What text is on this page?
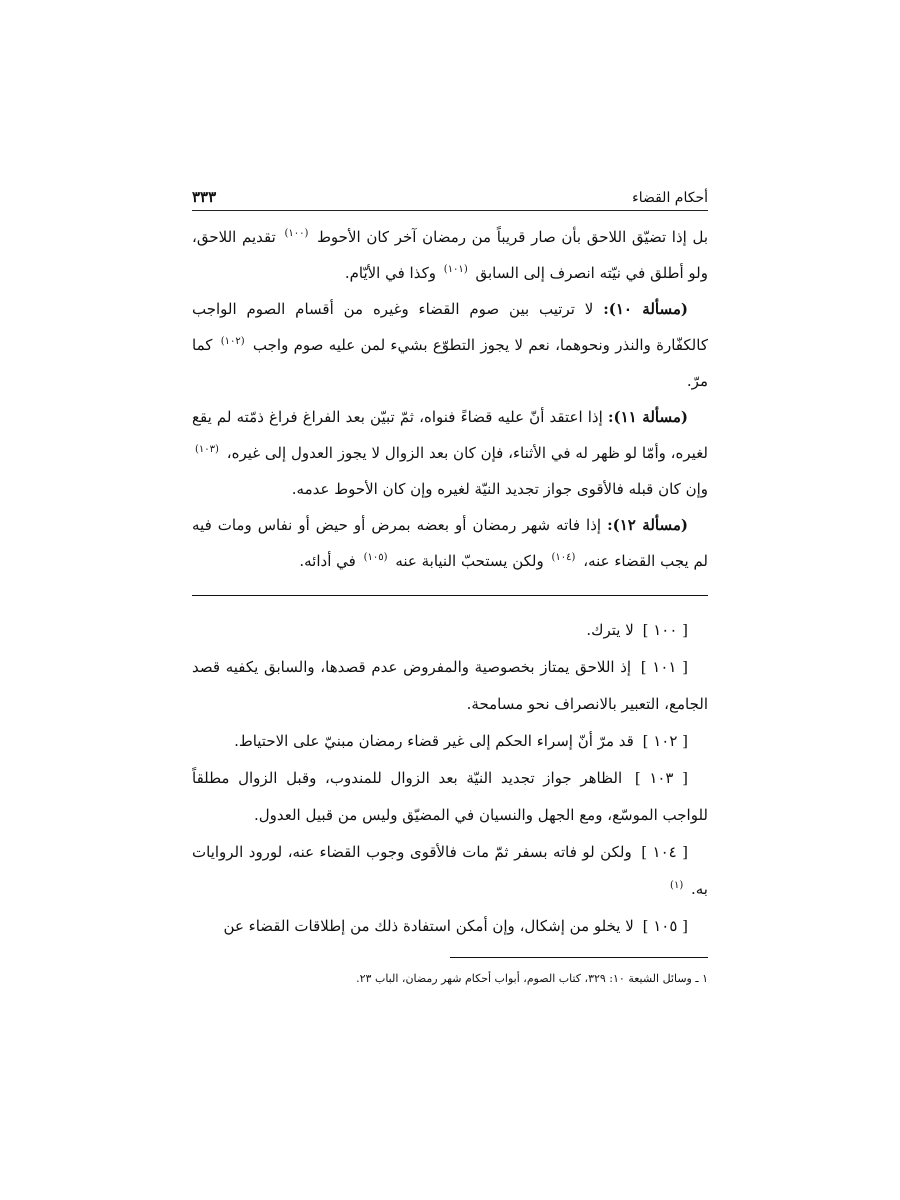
أحكام القضاء
٣٣٣

بل إذا تضيّق اللاحق بأن صار قريباً من رمضان آخر كان الأحوط $^{(١٠٠)}$ تقديم اللاحق، ولو أطلق في نيّته انصرف إلى السابق $^{(١٠١)}$ وكذا في الأيّام.

(مسألة ١٠): لا ترتيب بين صوم القضاء وغيره من أقسام الصوم الواجب كالكفّارة والنذر ونحوهما، نعم لا يجوز التطوّع بشيء لمن عليه صوم واجب $^{(١٠٢)}$ كما مرّ.

(مسألة ١١): إذا اعتقد أنّ عليه قضاءً فنواه، ثمّ تبيّن بعد الفراغ فراغ ذمّته لم يقع لغيره، وأمّا لو ظهر له في الأثناء، فإن كان بعد الزوال لا يجوز العدول إلى غيره، $^{(١٠٣)}$ وإن كان قبله فالأقوى جواز تجديد النيّة لغيره وإن كان الأحوط عدمه.

(مسألة ١٢): إذا فاته شهر رمضان أو بعضه بمرض أو حيض أو نفاس ومات فيه لم يجب القضاء عنه، $^{(١٠٤)}$ ولكن يستحبّ النيابة عنه $^{(١٠٥)}$ في أدائه.

[ ١٠٠ ] لا يترك.

[ ١٠١ ] إذ اللاحق يمتاز بخصوصية والمفروض عدم قصدها، والسابق يكفيه قصد الجامع، التعبير بالانصراف نحو مسامحة.

[ ١٠٢ ] قد مرّ أنّ إسراء الحكم إلى غير قضاء رمضان مبنيّ على الاحتياط.

[ ١٠٣ ] الظاهر جواز تجديد النيّة بعد الزوال للمندوب، وقبل الزوال مطلقاً للواجب الموسّع، ومع الجهل والنسيان في المضيّق وليس من قبيل العدول.

[ ١٠٤ ] ولكن لو فاته بسفر ثمّ مات فالأقوى وجوب القضاء عنه، لورود الروايات به. $^{(١)}$

[ ١٠٥ ] لا يخلو من إشكال، وإن أمكن استفادة ذلك من إطلاقات القضاء عن

١ ـ وسائل الشيعة ١٠: ٣٢٩، كتاب الصوم، أبواب أحكام شهر رمضان، الباب ٢٣.
